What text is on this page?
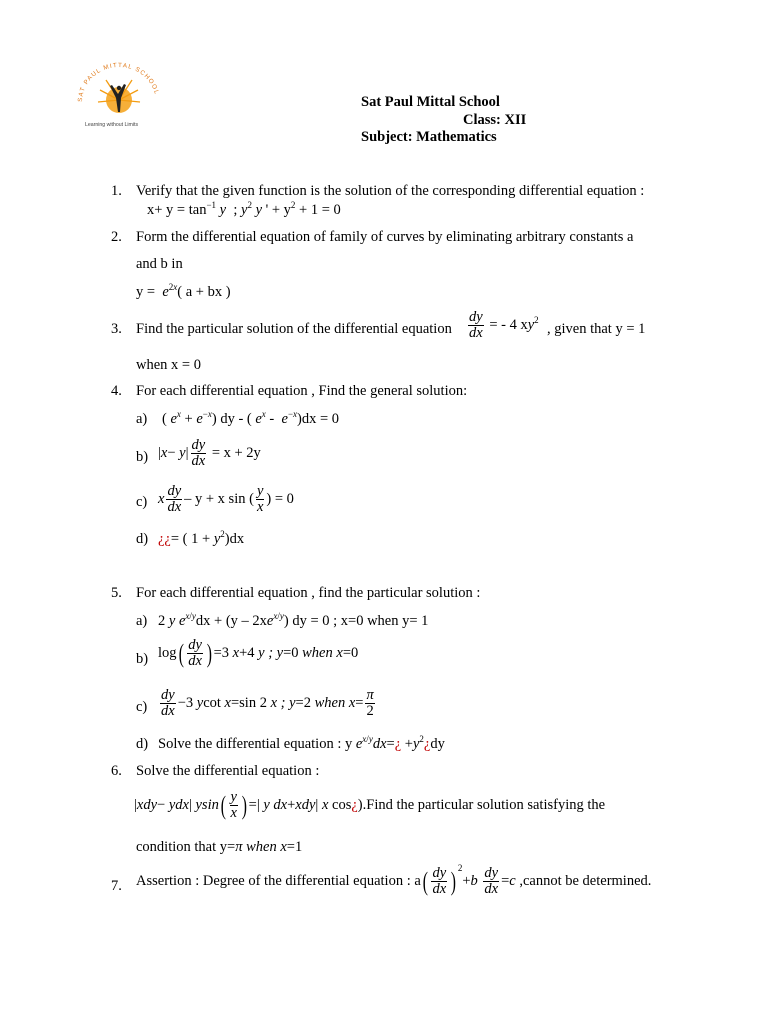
SAT PAUL MITTAL SCHOOL
Learning without Limits
Sat Paul Mittal School
Class: XII
Subject: Mathematics
1. Verify that the given function is the solution of the corresponding differential equation :
$x+ y = \tan^{-1} y$  ; $y^2$ y ' + $y^2 + 1 = 0$
2. Form the differential equation of family of curves by eliminating arbitrary constants a
and b in
$y = e^{2x}$( a + bx )
3. Find the particular solution of the differential equation $\frac{dy}{dx}$ = - 4 $xy^2$
, given that y = 1
when x = 0
4. For each differential equation , Find the general solution:
a) ( $e^x + e^{-x}$) dy - ( $e^x - e^{-x})dx = 0$
b) $|x- y| \frac{dy}{dx} = x + 2y$
c) x $\frac{dy}{dx} - y + x$ sin ( $\frac{y}{x}$ ) = 0
d) ¿¿= ( $1 + y^2)dx$
5. For each differential equation , find the particular solution :
a) 2 y $e^{x/y}dx + (y - 2xe^{x/y})$ dy = 0 ; x=0 when y= 1
b) $\log( \frac{dy}{dx}$ ) =3 x+4 y ; y=0 when x=0
$c) \frac{dy}{dx} -3$ ycot x=sin 2 x ; y=2 when $x= \frac{\pi}{2}$
d) Solve the differential equation : y $e^{x/y}dx=¿$ $+y^2¿dy$
6. Solve the differential equation :
|xdy− ydx| $ysin( \frac{y}{x}$ ) =| y dx+xdy| x cos¿).Find the particular solution satisfying the
condition that y=π when x=1
7. Assertion : Degree of the differential equation : $a( \frac{dy}{dx}$ ) $^2+b \frac{dy}{dx} =c$ ,cannot be determined.
